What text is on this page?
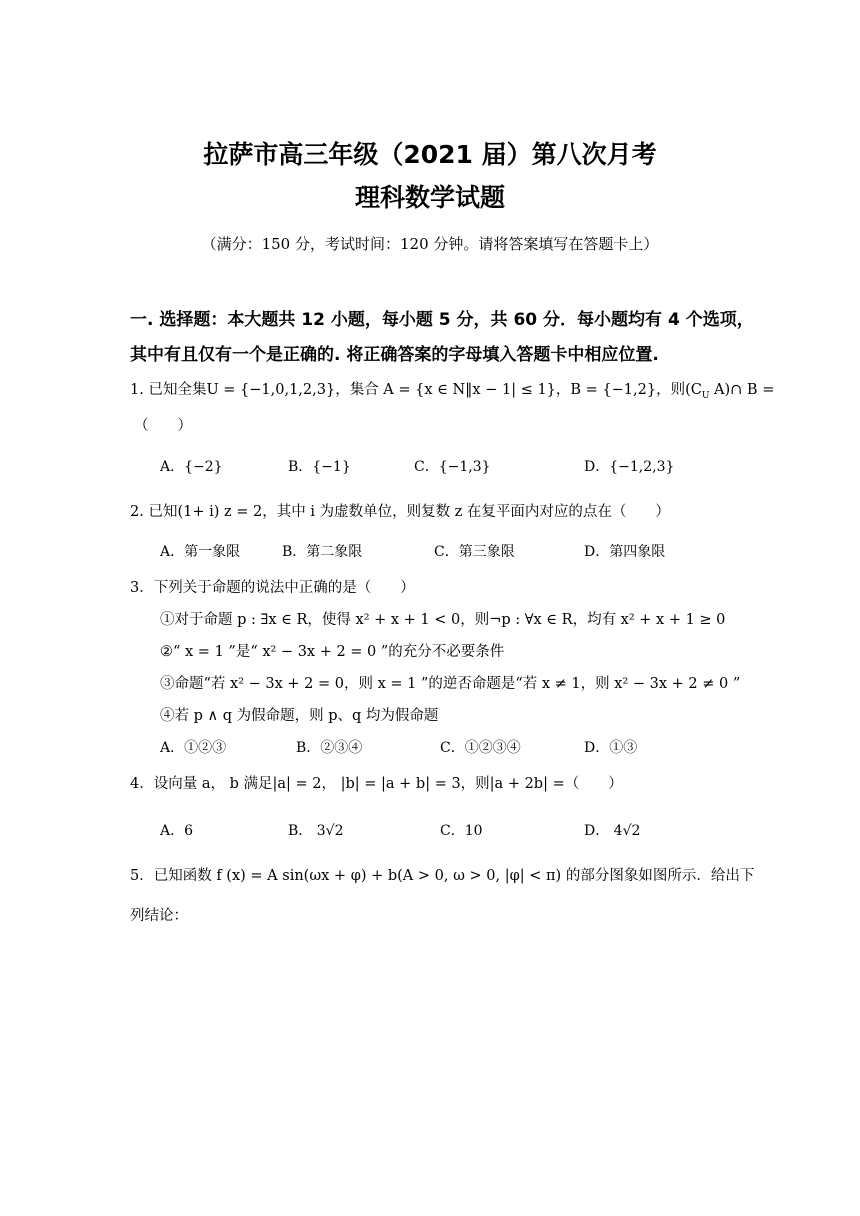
拉萨市高三年级（2021 届）第八次月考
理科数学试题
（满分：150 分，考试时间：120 分钟。请将答案填写在答题卡上）
一. 选择题：本大题共 12 小题，每小题 5 分，共 60 分．每小题均有 4 个选项，
其中有且仅有一个是正确的. 将正确答案的字母填入答题卡中相应位置.
1. 已知全集U = {−1,0,1,2,3}，集合 A = {x ∈ N‖x − 1| ≤ 1}，B = {−1,2}，则($C_U$ A)∩ B =
（　　）
A．{−2}	B．{−1}	C．{−1,3}	D．{−1,2,3}
2. 已知(1+ i) z = 2，其中 i 为虚数单位，则复数 z 在复平面内对应的点在（　　）
A．第一象限	B．第二象限	C．第三象限	D．第四象限
3．下列关于命题的说法中正确的是（　　）
①对于命题 p : ∃x ∈ R，使得 x² + x + 1 < 0，则¬p : ∀x ∈ R，均有 x² + x + 1 ≥ 0
②“ x = 1 ”是“ x² − 3x + 2 = 0 ”的充分不必要条件
③命题“若 x² − 3x + 2 = 0，则 x = 1 ”的逆否命题是“若 x ≠ 1，则 x² − 3x + 2 ≠ 0 ”
④若 p ∧ q 为假命题，则 p、q 均为假命题
A．①②③	B．②③④	C．①②③④	D．①③
4．设向量 a， b 满足|a| = 2， |b| = |a + b| = 3，则|a + 2b| =（　　）
A．6	B． 3√2	C．10	D． 4√2
5．已知函数 f (x) = A sin(ωx + φ) + b(A > 0, ω > 0, |φ| < π) 的部分图象如图所示．给出下
列结论：
